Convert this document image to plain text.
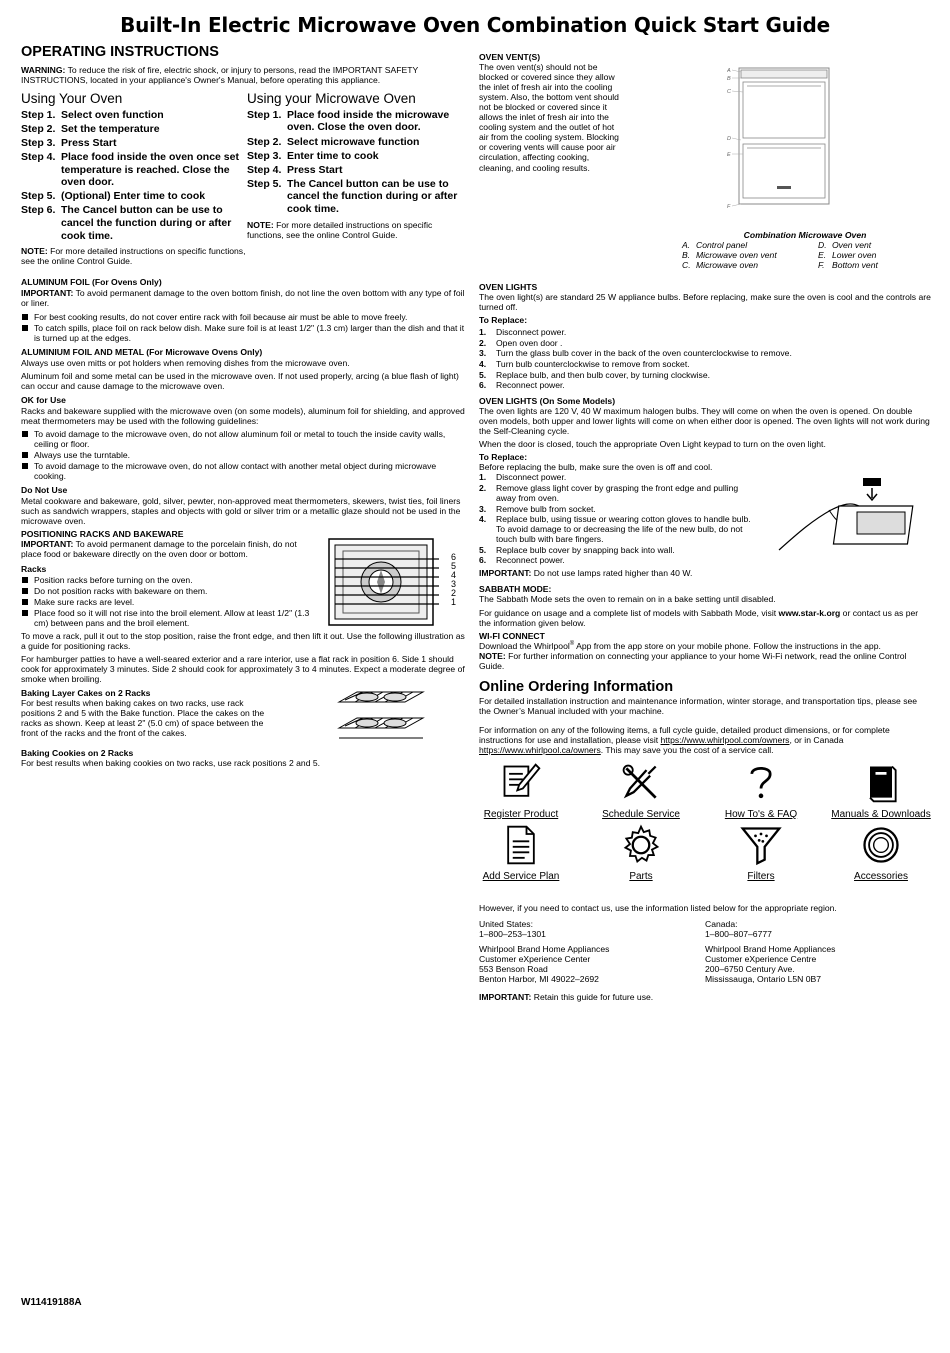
Built-In Electric Microwave Oven Combination Quick Start Guide
OPERATING INSTRUCTIONS

WARNING: To reduce the risk of fire, electric shock, or injury to persons, read the IMPORTANT SAFETY INSTRUCTIONS, located in your appliance's Owner's Manual, before operating this appliance.

Using Your Oven
Step 1. Select oven function
Step 2. Set the temperature
Step 3. Press Start
Step 4. Place food inside the oven once set temperature is reached. Close the oven door.
Step 5. (Optional) Enter time to cook
Step 6. The Cancel button can be use to cancel the function during or after cook time.

NOTE: For more detailed instructions on specific functions, see the online Control Guide.

Using your Microwave Oven
Step 1. Place food inside the microwave oven. Close the oven door.
Step 2. Select microwave function
Step 3. Enter time to cook
Step 4. Press Start
Step 5. The Cancel button can be use to cancel the function during or after cook time.

NOTE: For more detailed instructions on specific functions, see the online Control Guide.

ALUMINUM FOIL (For Ovens Only)

IMPORTANT: To avoid permanent damage to the oven bottom finish, do not line the oven bottom with any type of foil or liner.

For best cooking results, do not cover entire rack with foil because air must be able to move freely.
To catch spills, place foil on rack below dish. Make sure foil is at least 1/2" (1.3 cm) larger than the dish and that it is turned up at the edges.
ALUMINIUM FOIL AND METAL (For Microwave Ovens Only)

Always use oven mitts or pot holders when removing dishes from the microwave oven.

Aluminum foil and some metal can be used in the microwave oven. If not used properly, arcing (a blue flash of light) can occur and cause damage to the microwave oven.

OK for Use

Racks and bakeware supplied with the microwave oven (on some models), aluminum foil for shielding, and approved meat thermometers may be used with the following guidelines:

To avoid damage to the microwave oven, do not allow aluminum foil or metal to touch the inside cavity walls, ceiling or floor.
Always use the turntable.
To avoid damage to the microwave oven, do not allow contact with another metal object during microwave cooking.
Do Not Use

Metal cookware and bakeware, gold, silver, pewter, non-approved meat thermometers, skewers, twist ties, foil liners such as sandwich wrappers, staples and objects with gold or silver trim or a metallic glaze should not be used in the microwave oven.

POSITIONING RACKS AND BAKEWARE

IMPORTANT: To avoid permanent damage to the porcelain finish, do not place food or bakeware directly on the oven door or bottom.

Racks
Position racks before turning on the oven.
Do not position racks with bakeware on them.
Make sure racks are level.
Place food so it will not rise into the broil element. Allow at least 1/2" (1.3 cm) between pans and the broil element.
6
5
4
3
2
1

To move a rack, pull it out to the stop position, raise the front edge, and then lift it out. Use the following illustration as a guide for positioning racks.

For hamburger patties to have a well-seared exterior and a rare interior, use a flat rack in position 6. Side 1 should cook for approximately 3 minutes. Side 2 should cook for approximately 3 to 4 minutes. Expect a moderate degree of smoke when broiling.

Baking Layer Cakes on 2 Racks

For best results when baking cakes on two racks, use rack positions 2 and 5 with the Bake function. Place the cakes on the racks as shown. Keep at least 2" (5.0 cm) of space between the front of the racks and the front of the cakes.

Baking Cookies on 2 Racks

For best results when baking cookies on two racks, use rack positions 2 and 5.

OVEN VENT(S)

The oven vent(s) should not be blocked or covered since they allow the inlet of fresh air into the cooling system. Also, the bottom vent should not be blocked or covered since it allows the inlet of fresh air into the cooling system and the outlet of hot air from the cooling system. Blocking or covering vents will cause poor air circulation, affecting cooking, cleaning, and cooling results.

A
B
C
D
E
F
Combination Microwave Oven
A. Control panel	D. Oven vent
B. Microwave oven vent	E. Lower oven
C. Microwave oven	F. Bottom vent
OVEN LIGHTS

The oven light(s) are standard 25 W appliance bulbs. Before replacing, make sure the oven is cool and the controls are turned off.

To Replace:
1.	Disconnect power.
2.	Open oven door .
3.	Turn the glass bulb cover in the back of the oven counterclockwise to remove.
4.	Turn bulb counterclockwise to remove from socket.
5.	Replace bulb, and then bulb cover, by turning clockwise.
6.	Reconnect power.
OVEN LIGHTS (On Some Models)

The oven lights are 120 V, 40 W maximum halogen bulbs. They will come on when the oven is opened. On double oven models, both upper and lower lights will come on when either door is opened. The oven lights will not work during the Self-Cleaning cycle.

When the door is closed, touch the appropriate Oven Light keypad to turn on the oven light.

To Replace:

Before replacing the bulb, make sure the oven is off and cool.

1.	Disconnect power.
2.	Remove glass light cover by grasping the front edge and pulling away from oven.
3.	Remove bulb from socket.
4.	Replace bulb, using tissue or wearing cotton gloves to handle bulb. To avoid damage to or decreasing the life of the new bulb, do not touch bulb with bare fingers.
5.	Replace bulb cover by snapping back into wall.
6.	Reconnect power.

IMPORTANT: Do not use lamps rated higher than 40 W.

SABBATH MODE:

The Sabbath Mode sets the oven to remain on in a bake setting until disabled.

For guidance on usage and a complete list of models with Sabbath Mode, visit www.star-k.org or contact us as per the information given below.

WI-FI CONNECT

Download the Whirlpool® App from the app store on your mobile phone. Follow the instructions in the app.

NOTE: For further information on connecting your appliance to your home Wi-Fi network, read the online Control Guide.

Online Ordering Information

For detailed installation instruction and maintenance information, winter storage, and transportation tips, please see the Owner’s Manual included with your machine.

For information on any of the following items, a full cycle guide, detailed product dimensions, or for complete instructions for use and installation, please visit https://www.whirlpool.com/owners, or in Canada https://www.whirlpool.ca/owners. This may save you the cost of a service call.

Register Product	Schedule Service	How To's & FAQ	Manuals & Downloads
Add Service Plan	Parts	Filters	Accessories

However, if you need to contact us, use the information listed below for the appropriate region.

United States:
1–800–253–1301
Whirlpool Brand Home Appliances
Customer eXperience Center
553 Benson Road
Benton Harbor, MI 49022–2692
Canada:
1–800–807–6777
Whirlpool Brand Home Appliances
Customer eXperience Centre
200–6750 Century Ave.
Mississauga, Ontario L5N 0B7

IMPORTANT: Retain this guide for future use.

W11419188A
